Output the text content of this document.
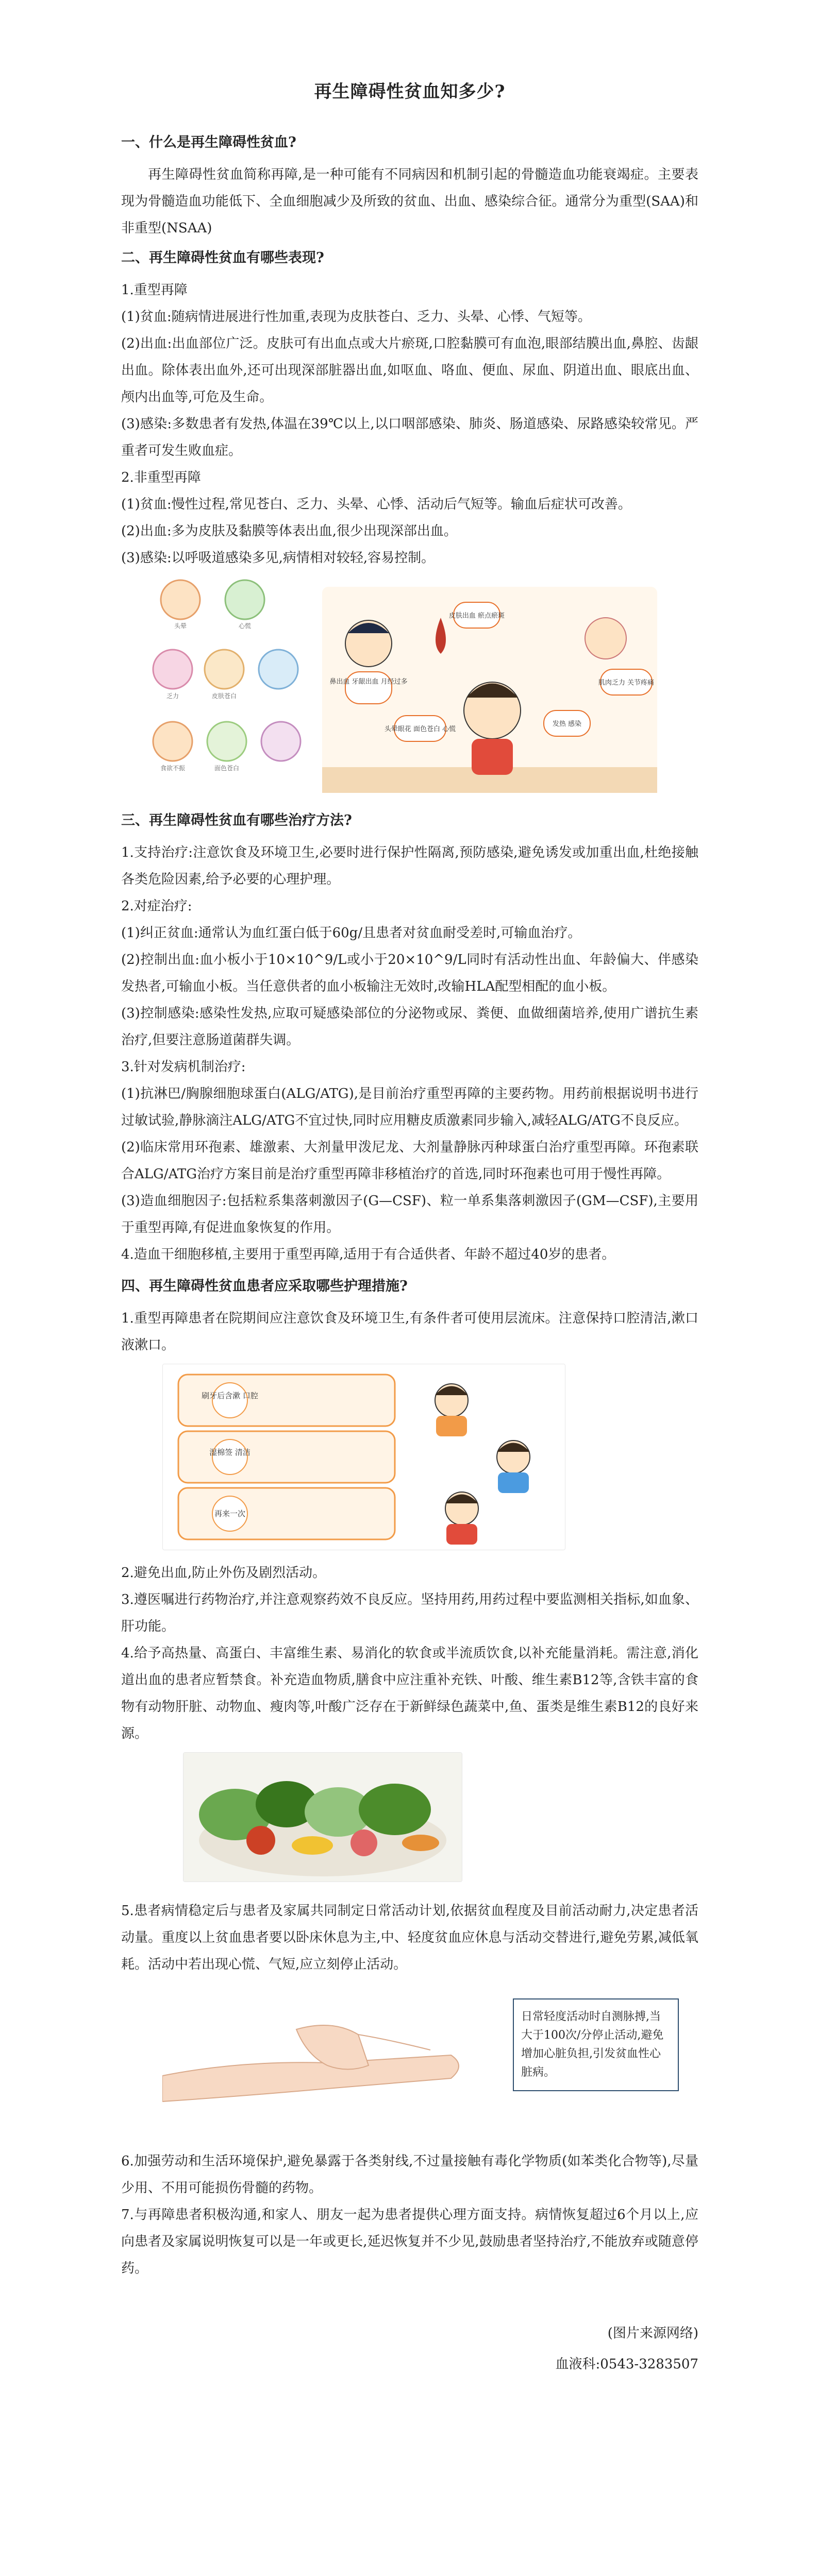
再生障碍性贫血知多少?
一、什么是再生障碍性贫血?

再生障碍性贫血简称再障,是一种可能有不同病因和机制引起的骨髓造血功能衰竭症。主要表现为骨髓造血功能低下、全血细胞减少及所致的贫血、出血、感染综合征。通常分为重型(SAA)和非重型(NSAA)

二、再生障碍性贫血有哪些表现?

1.重型再障

(1)贫血:随病情进展进行性加重,表现为皮肤苍白、乏力、头晕、心悸、气短等。

(2)出血:出血部位广泛。皮肤可有出血点或大片瘀斑,口腔黏膜可有血泡,眼部结膜出血,鼻腔、齿龈出血。除体表出血外,还可出现深部脏器出血,如呕血、咯血、便血、尿血、阴道出血、眼底出血、颅内出血等,可危及生命。

(3)感染:多数患者有发热,体温在39℃以上,以口咽部感染、肺炎、肠道感染、尿路感染较常见。严重者可发生败血症。

2.非重型再障

(1)贫血:慢性过程,常见苍白、乏力、头晕、心悸、活动后气短等。输血后症状可改善。

(2)出血:多为皮肤及黏膜等体表出血,很少出现深部出血。

(3)感染:以呼吸道感染多见,病情相对较轻,容易控制。

头晕	心慌
乏力	皮肤苍白
食欲不振	面色苍白
鼻出血 牙龈出血 月经过多
皮肤出血 瘀点瘀斑
肌肉乏力 关节疼痛
发热 感染
头晕眼花 面色苍白 心慌
三、再生障碍性贫血有哪些治疗方法?

1.支持治疗:注意饮食及环境卫生,必要时进行保护性隔离,预防感染,避免诱发或加重出血,杜绝接触各类危险因素,给予必要的心理护理。

2.对症治疗:

(1)纠正贫血:通常认为血红蛋白低于60g/且患者对贫血耐受差时,可输血治疗。

(2)控制出血:血小板小于10×10^9/L或小于20×10^9/L同时有活动性出血、年龄偏大、伴感染发热者,可输血小板。当任意供者的血小板输注无效时,改输HLA配型相配的血小板。

(3)控制感染:感染性发热,应取可疑感染部位的分泌物或尿、粪便、血做细菌培养,使用广谱抗生素治疗,但要注意肠道菌群失调。

3.针对发病机制治疗:

(1)抗淋巴/胸腺细胞球蛋白(ALG/ATG),是目前治疗重型再障的主要药物。用药前根据说明书进行过敏试验,静脉滴注ALG/ATG不宜过快,同时应用糖皮质激素同步输入,减轻ALG/ATG不良反应。

(2)临床常用环孢素、雄激素、大剂量甲泼尼龙、大剂量静脉丙种球蛋白治疗重型再障。环孢素联合ALG/ATG治疗方案目前是治疗重型再障非移植治疗的首选,同时环孢素也可用于慢性再障。

(3)造血细胞因子:包括粒系集落刺激因子(G—CSF)、粒一单系集落刺激因子(GM—CSF),主要用于重型再障,有促进血象恢复的作用。

4.造血干细胞移植,主要用于重型再障,适用于有合适供者、年龄不超过40岁的患者。

四、再生障碍性贫血患者应采取哪些护理措施?

1.重型再障患者在院期间应注意饮食及环境卫生,有条件者可使用层流床。注意保持口腔清洁,漱口液漱口。

刷牙后含漱 口腔
湿棉签 清洁
再来一次

2.避免出血,防止外伤及剧烈活动。

3.遵医嘱进行药物治疗,并注意观察药效不良反应。坚持用药,用药过程中要监测相关指标,如血象、肝功能。

4.给予高热量、高蛋白、丰富维生素、易消化的软食或半流质饮食,以补充能量消耗。需注意,消化道出血的患者应暂禁食。补充造血物质,膳食中应注重补充铁、叶酸、维生素B12等,含铁丰富的食物有动物肝脏、动物血、瘦肉等,叶酸广泛存在于新鲜绿色蔬菜中,鱼、蛋类是维生素B12的良好来源。

5.患者病情稳定后与患者及家属共同制定日常活动计划,依据贫血程度及目前活动耐力,决定患者活动量。重度以上贫血患者要以卧床休息为主,中、轻度贫血应休息与活动交替进行,避免劳累,减低氧耗。活动中若出现心慌、气短,应立刻停止活动。

日常轻度活动时自测脉搏,当大于100次/分停止活动,避免增加心脏负担,引发贫血性心脏病。

6.加强劳动和生活环境保护,避免暴露于各类射线,不过量接触有毒化学物质(如苯类化合物等),尽量少用、不用可能损伤骨髓的药物。

7.与再障患者积极沟通,和家人、朋友一起为患者提供心理方面支持。病情恢复超过6个月以上,应向患者及家属说明恢复可以是一年或更长,延迟恢复并不少见,鼓励患者坚持治疗,不能放弃或随意停药。

(图片来源网络)
血液科:0543-3283507
